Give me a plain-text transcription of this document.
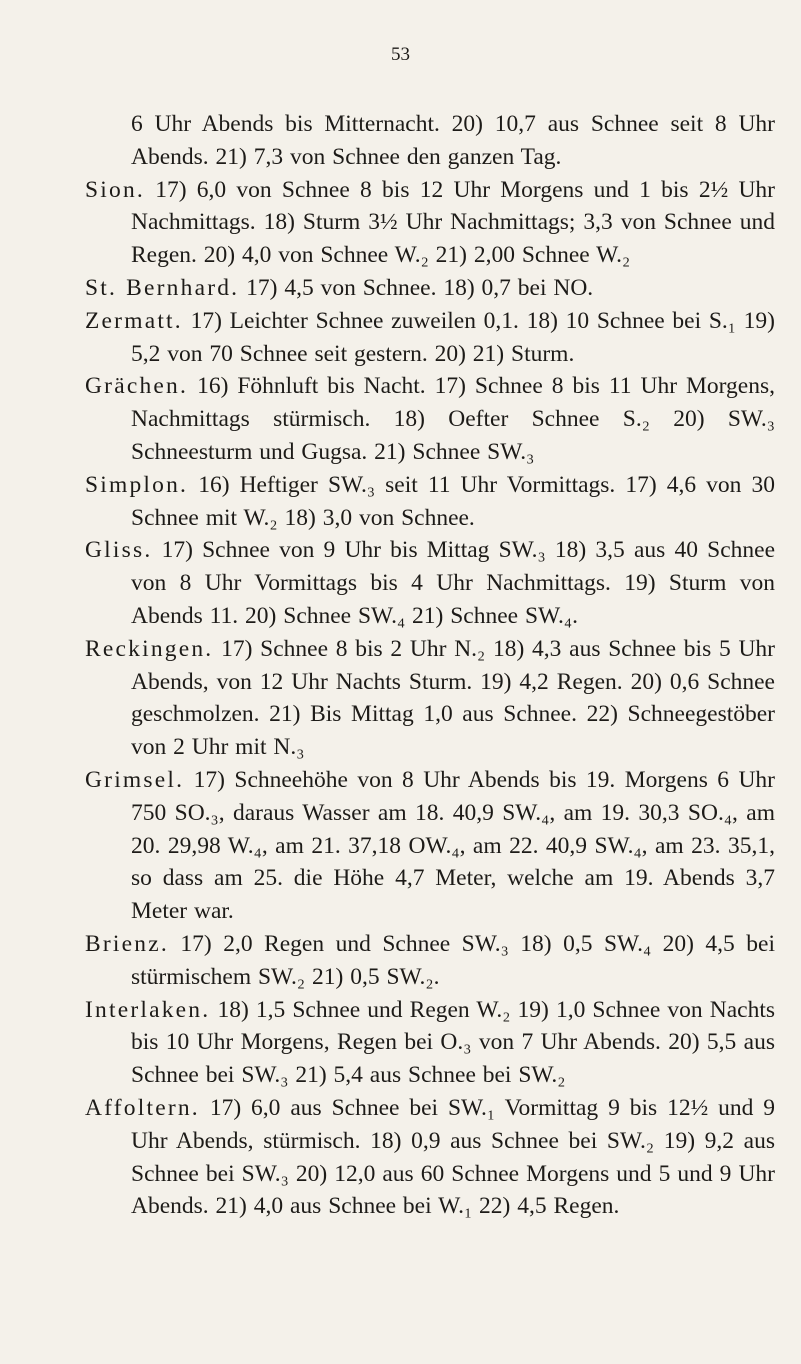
53

6 Uhr Abends bis Mitternacht. 20) 10,7 aus Schnee seit 8 Uhr Abends. 21) 7,3 von Schnee den ganzen Tag.

Sion. 17) 6,0 von Schnee 8 bis 12 Uhr Morgens und 1 bis 2½ Uhr Nachmittags. 18) Sturm 3½ Uhr Nachmittags; 3,3 von Schnee und Regen. 20) 4,0 von Schnee W.₂ 21) 2,00 Schnee W.₂

St. Bernhard. 17) 4,5 von Schnee. 18) 0,7 bei NO.

Zermatt. 17) Leichter Schnee zuweilen 0,1. 18) 10 Schnee bei S.₁ 19) 5,2 von 70 Schnee seit gestern. 20) 21) Sturm.

Grächen. 16) Föhnluft bis Nacht. 17) Schnee 8 bis 11 Uhr Morgens, Nachmittags stürmisch. 18) Oefter Schnee S.₂ 20) SW.₃ Schneesturm und Gugsa. 21) Schnee SW.₃

Simplon. 16) Heftiger SW.₃ seit 11 Uhr Vormittags. 17) 4,6 von 30 Schnee mit W.₂ 18) 3,0 von Schnee.

Gliss. 17) Schnee von 9 Uhr bis Mittag SW.₃ 18) 3,5 aus 40 Schnee von 8 Uhr Vormittags bis 4 Uhr Nachmittags. 19) Sturm von Abends 11. 20) Schnee SW.₄ 21) Schnee SW.₄.

Reckingen. 17) Schnee 8 bis 2 Uhr N.₂ 18) 4,3 aus Schnee bis 5 Uhr Abends, von 12 Uhr Nachts Sturm. 19) 4,2 Regen. 20) 0,6 Schnee geschmolzen. 21) Bis Mittag 1,0 aus Schnee. 22) Schneegestöber von 2 Uhr mit N.₃

Grimsel. 17) Schneehöhe von 8 Uhr Abends bis 19. Morgens 6 Uhr 750 SO.₃, daraus Wasser am 18. 40,9 SW.₄, am 19. 30,3 SO.₄, am 20. 29,98 W.₄, am 21. 37,18 OW.₄, am 22. 40,9 SW.₄, am 23. 35,1, so dass am 25. die Höhe 4,7 Meter, welche am 19. Abends 3,7 Meter war.

Brienz. 17) 2,0 Regen und Schnee SW.₃ 18) 0,5 SW.₄ 20) 4,5 bei stürmischem SW.₂ 21) 0,5 SW.₂.

Interlaken. 18) 1,5 Schnee und Regen W.₂ 19) 1,0 Schnee von Nachts bis 10 Uhr Morgens, Regen bei O.₃ von 7 Uhr Abends. 20) 5,5 aus Schnee bei SW.₃ 21) 5,4 aus Schnee bei SW.₂

Affoltern. 17) 6,0 aus Schnee bei SW.₁ Vormittag 9 bis 12½ und 9 Uhr Abends, stürmisch. 18) 0,9 aus Schnee bei SW.₂ 19) 9,2 aus Schnee bei SW.₃ 20) 12,0 aus 60 Schnee Morgens und 5 und 9 Uhr Abends. 21) 4,0 aus Schnee bei W.₁ 22) 4,5 Regen.
